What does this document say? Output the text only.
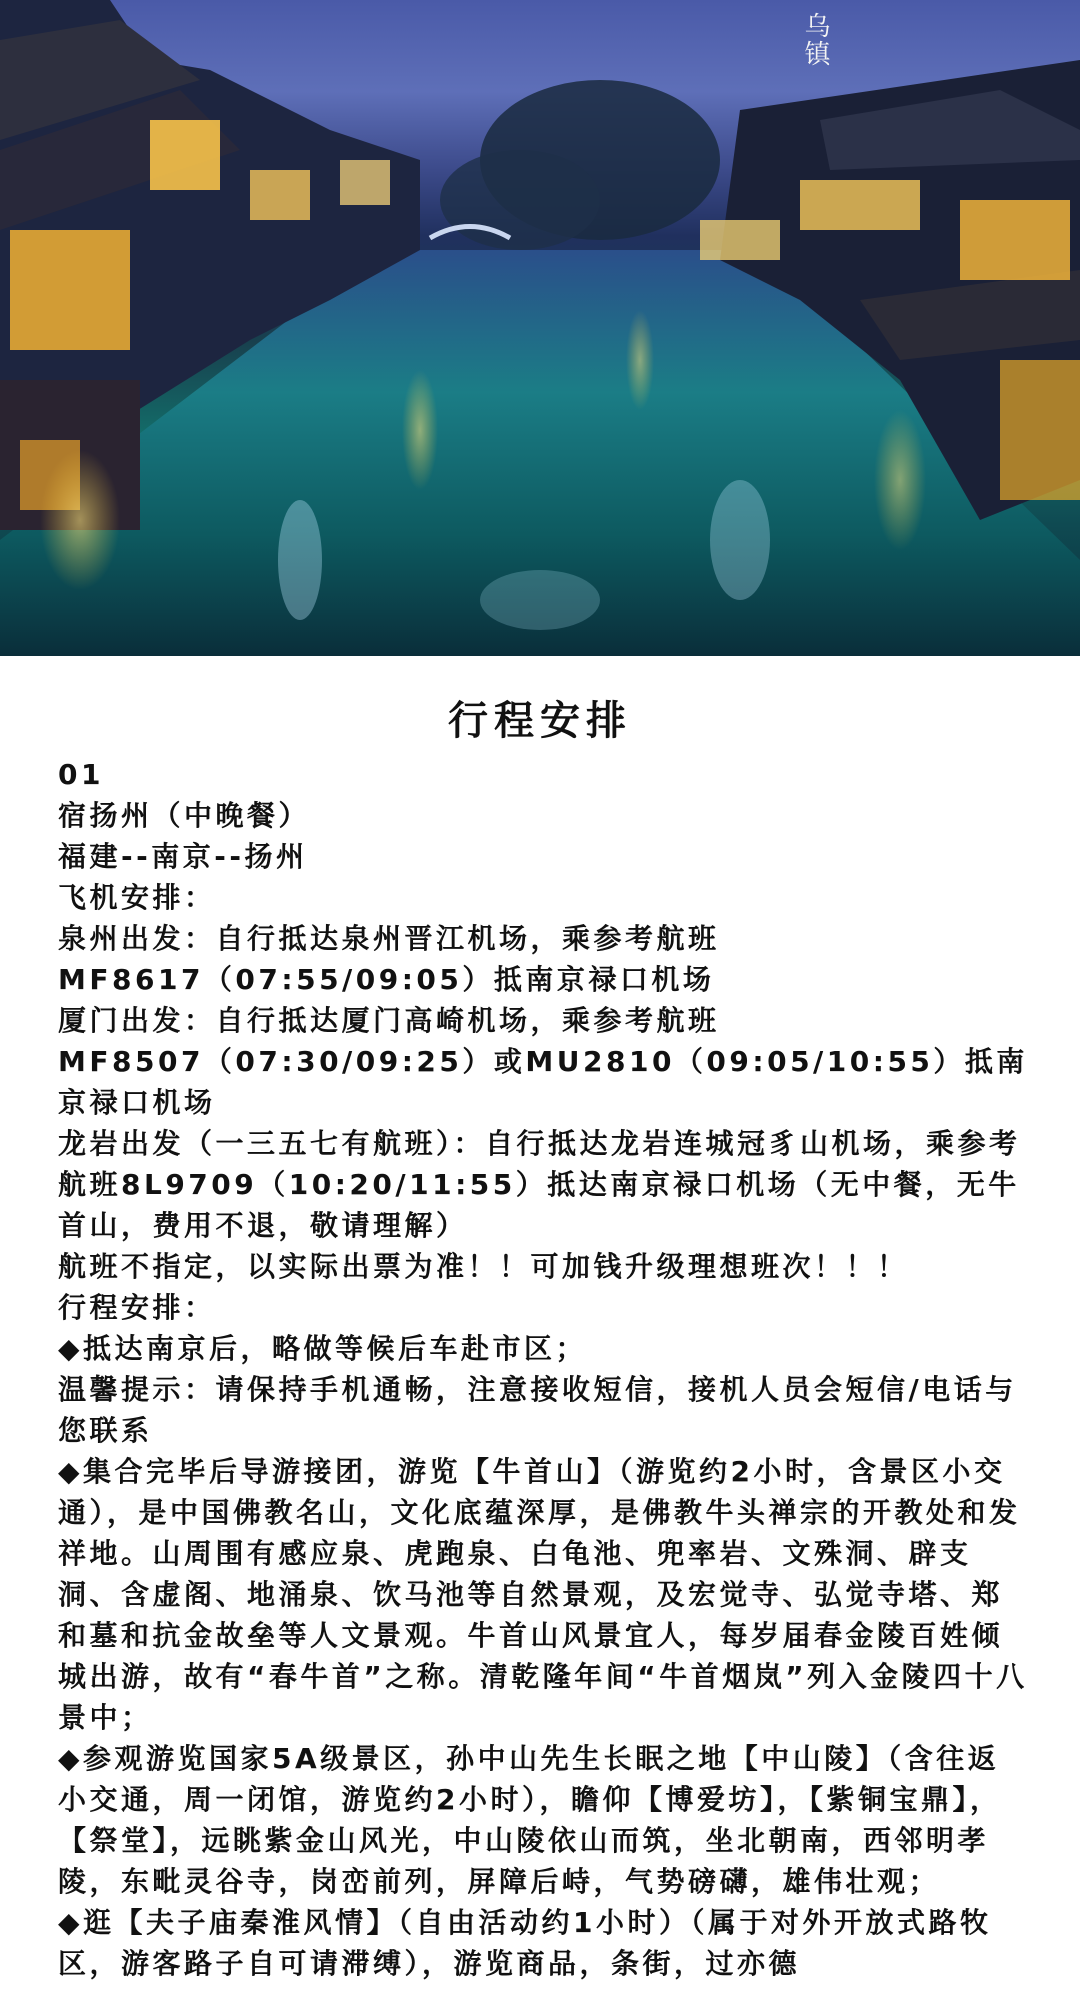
乌镇
行程安排
01
宿扬州（中晚餐）
福建--南京--扬州
飞机安排：
泉州出发：自行抵达泉州晋江机场，乘参考航班
MF8617（07:55/09:05）抵南京禄口机场
厦门出发：自行抵达厦门高崎机场，乘参考航班
MF8507（07:30/09:25）或MU2810（09:05/10:55）抵南京禄口机场
龙岩出发（一三五七有航班）：自行抵达龙岩连城冠豸山机场，乘参考航班8L9709（10:20/11:55）抵达南京禄口机场（无中餐，无牛首山，费用不退，敬请理解）
航班不指定，以实际出票为准！！可加钱升级理想班次！！！
行程安排：
◆抵达南京后，略做等候后车赴市区；
温馨提示：请保持手机通畅，注意接收短信，接机人员会短信/电话与您联系
◆集合完毕后导游接团，游览【牛首山】（游览约2小时，含景区小交通），是中国佛教名山，文化底蕴深厚，是佛教牛头禅宗的开教处和发祥地。山周围有感应泉、虎跑泉、白龟池、兜率岩、文殊洞、辟支洞、含虚阁、地涌泉、饮马池等自然景观，及宏觉寺、弘觉寺塔、郑和墓和抗金故垒等人文景观。牛首山风景宜人，每岁届春金陵百姓倾城出游，故有“春牛首”之称。清乾隆年间“牛首烟岚”列入金陵四十八景中；
◆参观游览国家5A级景区，孙中山先生长眠之地【中山陵】（含往返小交通，周一闭馆，游览约2小时），瞻仰【博爱坊】，【紫铜宝鼎】，【祭堂】，远眺紫金山风光，中山陵依山而筑，坐北朝南，西邻明孝陵，东毗灵谷寺，岗峦前列，屏障后峙，气势磅礴，雄伟壮观；
◆逛【夫子庙秦淮风情】（自由活动约1小时）（属于对外开放式路牧区，游客路子自可请滞缚），游览商品，条街，过亦德
